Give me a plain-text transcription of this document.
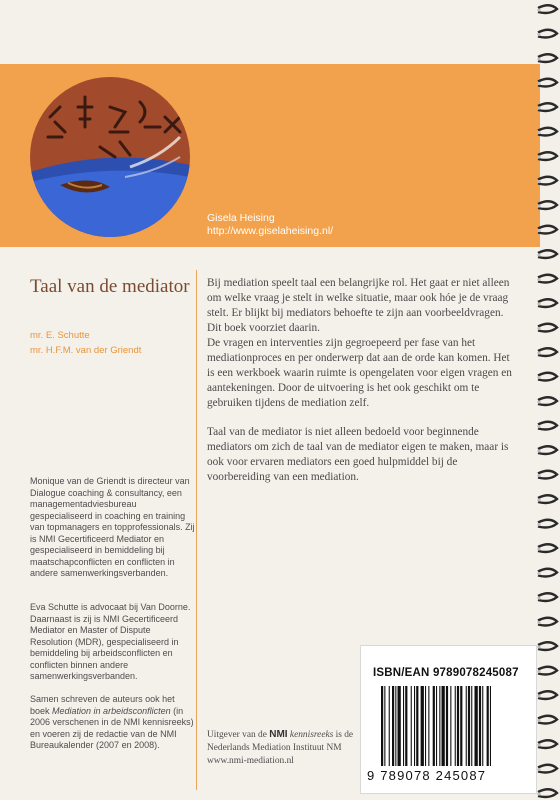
Gisela Heising
http://www.giselaheising.nl/
Taal van de mediator
mr. E. Schutte
mr. H.F.M. van der Griendt

Bij mediation speelt taal een belangrijke rol. Het gaat er niet alleen om welke vraag je stelt in welke situatie, maar ook hóe je de vraag stelt. Er blijkt bij mediators behoefte te zijn aan voorbeeldvragen. Dit boek voorziet daarin.
De vragen en interventies zijn gegroepeerd per fase van het mediationproces en per onderwerp dat aan de orde kan komen. Het is een werkboek waarin ruimte is opengelaten voor eigen vragen en aantekeningen. Door de uitvoering is het ook geschikt om te gebruiken tijdens de mediation zelf.

Taal van de mediator is niet alleen bedoeld voor beginnende mediators om zich de taal van de mediator eigen te maken, maar is ook voor ervaren mediators een goed hulpmiddel bij de voorbereiding van een mediation.

Monique van de Griendt is directeur van Dialogue coaching & consultancy, een managementadviesbureau gespecialiseerd in coaching en training van topmanagers en topprofessionals. Zij is NMI Gecertificeerd Mediator en gespecialiseerd in bemiddeling bij maatschapconflicten en conflicten in andere samenwerkingsverbanden.

Eva Schutte is advocaat bij Van Doorne. Daarnaast is zij is NMI Gecertificeerd Mediator en Master of Dispute Resolution (MDR), gespecialiseerd in bemiddeling bij arbeidsconflicten en conflicten binnen andere samenwerkingsverbanden.

Samen schreven de auteurs ook het boek Mediation in arbeidsconflicten (in 2006 verschenen in de NMI kennisreeks) en voeren zij de redactie van de NMI Bureaukalender (2007 en 2008).

Uitgever van de NMI kennisreeks is de
Nederlands Mediation Instituut NM
www.nmi-mediation.nl
ISBN/EAN 9789078245087
9 789078 245087
